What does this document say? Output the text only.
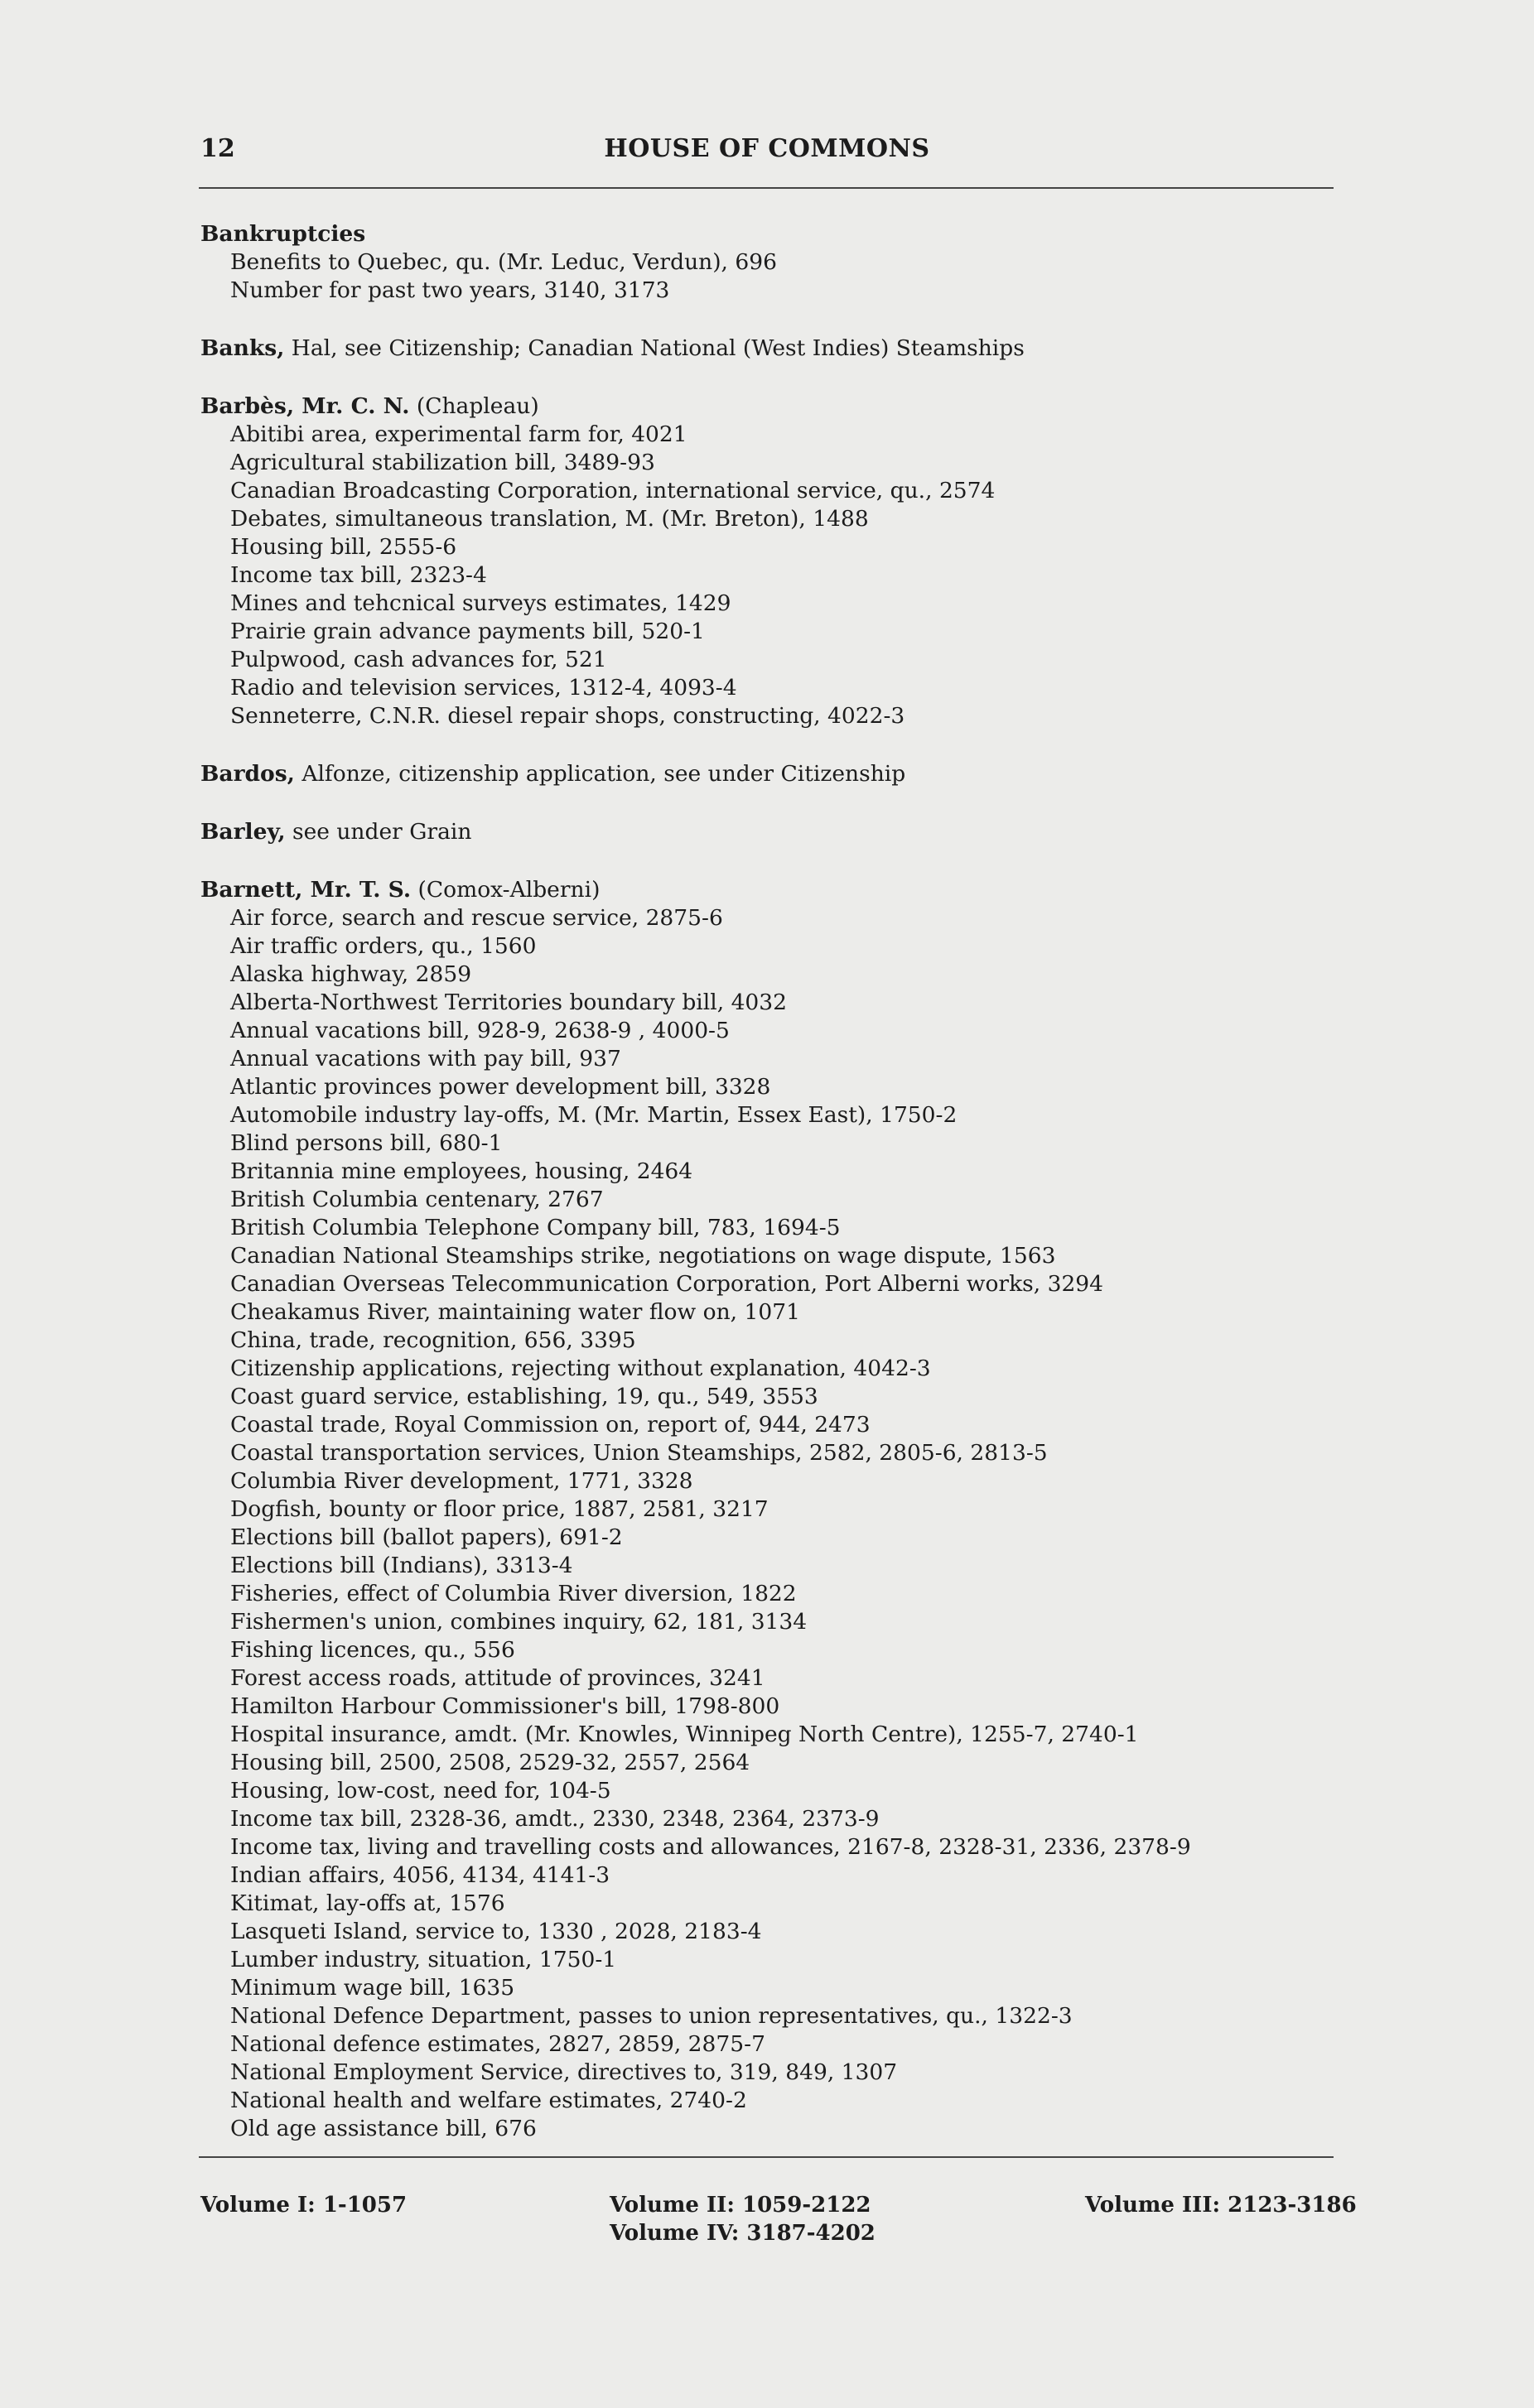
12	HOUSE OF COMMONS
Bankruptcies
Benefits to Quebec, qu. (Mr. Leduc, Verdun), 696
Number for past two years, 3140, 3173
Banks, Hal, see Citizenship; Canadian National (West Indies) Steamships
Barbès, Mr. C. N. (Chapleau)
Abitibi area, experimental farm for, 4021
Agricultural stabilization bill, 3489-93
Canadian Broadcasting Corporation, international service, qu., 2574
Debates, simultaneous translation, M. (Mr. Breton), 1488
Housing bill, 2555-6
Income tax bill, 2323-4
Mines and tehcnical surveys estimates, 1429
Prairie grain advance payments bill, 520-1
Pulpwood, cash advances for, 521
Radio and television services, 1312-4, 4093-4
Senneterre, C.N.R. diesel repair shops, constructing, 4022-3
Bardos, Alfonze, citizenship application, see under Citizenship
Barley, see under Grain
Barnett, Mr. T. S. (Comox-Alberni)
Air force, search and rescue service, 2875-6
Air traffic orders, qu., 1560
Alaska highway, 2859
Alberta-Northwest Territories boundary bill, 4032
Annual vacations bill, 928-9, 2638-9 , 4000-5
Annual vacations with pay bill, 937
Atlantic provinces power development bill, 3328
Automobile industry lay-offs, M. (Mr. Martin, Essex East), 1750-2
Blind persons bill, 680-1
Britannia mine employees, housing, 2464
British Columbia centenary, 2767
British Columbia Telephone Company bill, 783, 1694-5
Canadian National Steamships strike, negotiations on wage dispute, 1563
Canadian Overseas Telecommunication Corporation, Port Alberni works, 3294
Cheakamus River, maintaining water flow on, 1071
China, trade, recognition, 656, 3395
Citizenship applications, rejecting without explanation, 4042-3
Coast guard service, establishing, 19, qu., 549, 3553
Coastal trade, Royal Commission on, report of, 944, 2473
Coastal transportation services, Union Steamships, 2582, 2805-6, 2813-5
Columbia River development, 1771, 3328
Dogfish, bounty or floor price, 1887, 2581, 3217
Elections bill (ballot papers), 691-2
Elections bill (Indians), 3313-4
Fisheries, effect of Columbia River diversion, 1822
Fishermen's union, combines inquiry, 62, 181, 3134
Fishing licences, qu., 556
Forest access roads, attitude of provinces, 3241
Hamilton Harbour Commissioner's bill, 1798-800
Hospital insurance, amdt. (Mr. Knowles, Winnipeg North Centre), 1255-7, 2740-1
Housing bill, 2500, 2508, 2529-32, 2557, 2564
Housing, low-cost, need for, 104-5
Income tax bill, 2328-36, amdt., 2330, 2348, 2364, 2373-9
Income tax, living and travelling costs and allowances, 2167-8, 2328-31, 2336, 2378-9
Indian affairs, 4056, 4134, 4141-3
Kitimat, lay-offs at, 1576
Lasqueti Island, service to, 1330 , 2028, 2183-4
Lumber industry, situation, 1750-1
Minimum wage bill, 1635
National Defence Department, passes to union representatives, qu., 1322-3
National defence estimates, 2827, 2859, 2875-7
National Employment Service, directives to, 319, 849, 1307
National health and welfare estimates, 2740-2
Old age assistance bill, 676
Volume I: 1-1057	Volume II: 1059-2122
Volume IV: 3187-4202
Volume III: 2123-3186
